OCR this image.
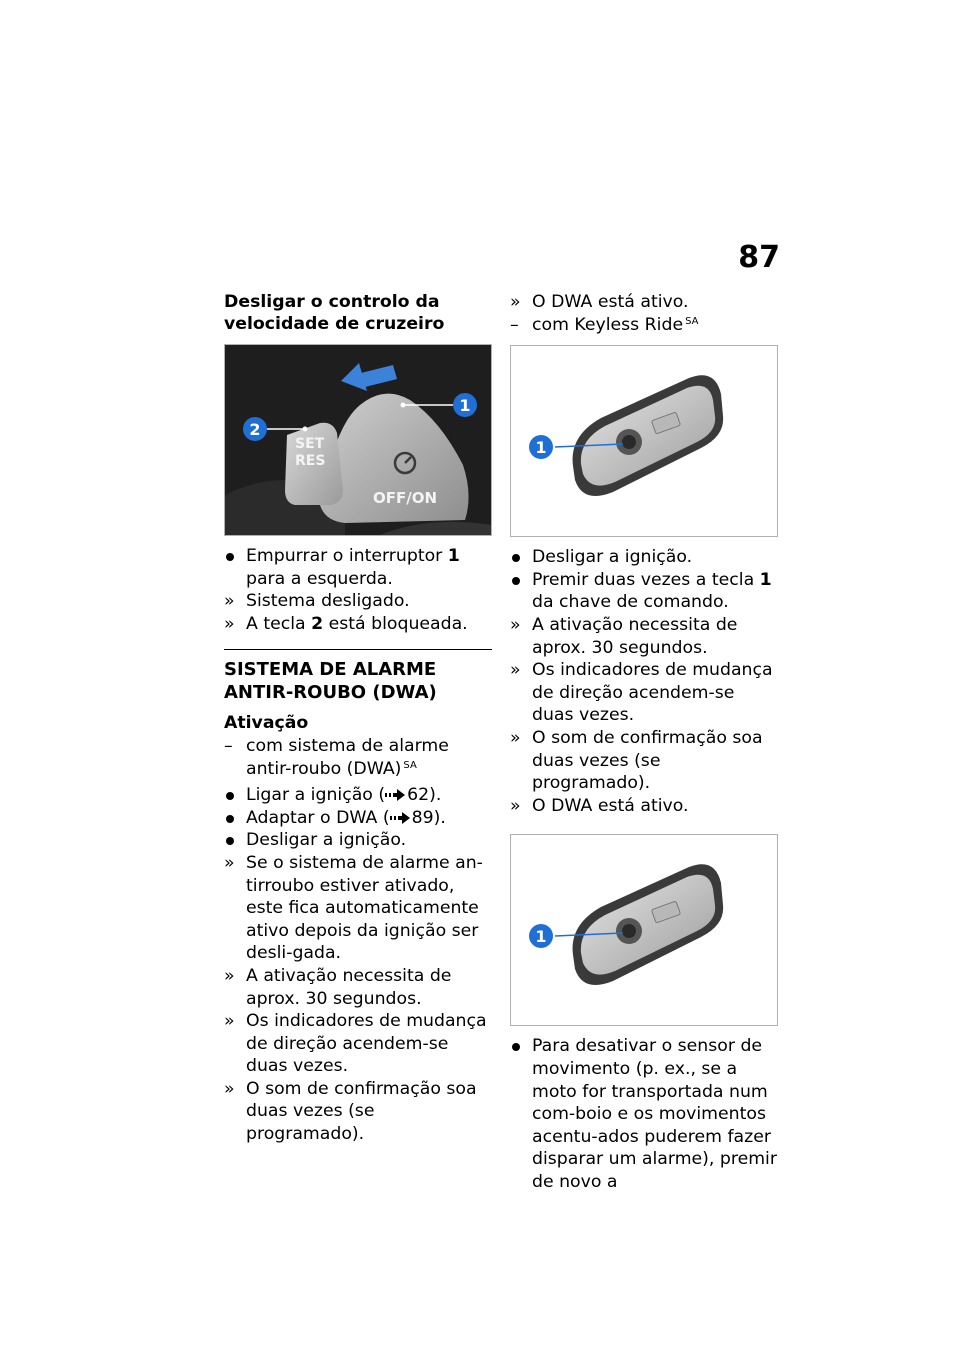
87
Desligar o controlo da velocidade de cruzeiro
SET
RES
OFF/ON
1
2
Empurrar o interruptor 1 para a esquerda.
» Sistema desligado.
» A tecla 2 está bloqueada.
SISTEMA DE ALARME ANTIR-ROUBO (DWA)
Ativação
– com sistema de alarme antir-roubo (DWA) $^{SA}$
Ligar a ignição ( 62).
Adaptar o DWA ( 89).
Desligar a ignição.
» Se o sistema de alarme an-tirroubo estiver ativado, este fica automaticamente ativo depois da ignição ser desli-gada.
» A ativação necessita de aprox. 30 segundos.
» Os indicadores de mudança de direção acendem-se duas vezes.
» O som de confirmação soa duas vezes (se programado).
» O DWA está ativo.
– com Keyless Ride $^{SA}$
1
Desligar a ignição.
Premir duas vezes a tecla 1 da chave de comando.
» A ativação necessita de aprox. 30 segundos.
» Os indicadores de mudança de direção acendem-se duas vezes.
» O som de confirmação soa duas vezes (se programado).
» O DWA está ativo.
1
Para desativar o sensor de movimento (p. ex., se a moto for transportada num com-boio e os movimentos acentu-ados puderem fazer disparar um alarme), premir de novo a
